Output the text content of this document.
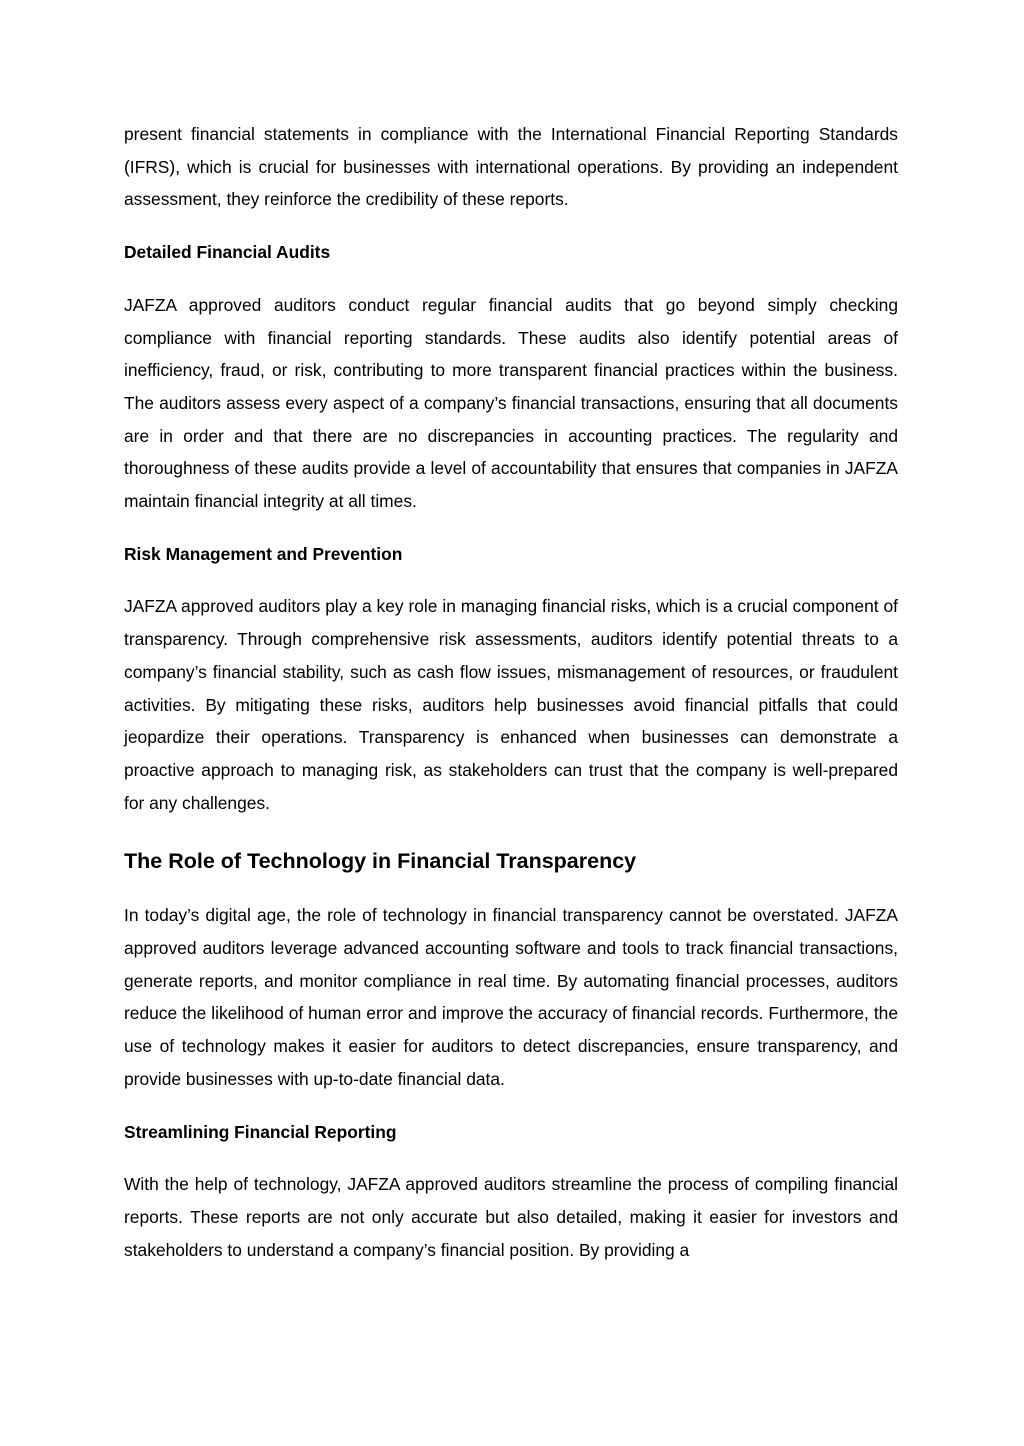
present financial statements in compliance with the International Financial Reporting Standards (IFRS), which is crucial for businesses with international operations. By providing an independent assessment, they reinforce the credibility of these reports.

Detailed Financial Audits

JAFZA approved auditors conduct regular financial audits that go beyond simply checking compliance with financial reporting standards. These audits also identify potential areas of inefficiency, fraud, or risk, contributing to more transparent financial practices within the business. The auditors assess every aspect of a company’s financial transactions, ensuring that all documents are in order and that there are no discrepancies in accounting practices. The regularity and thoroughness of these audits provide a level of accountability that ensures that companies in JAFZA maintain financial integrity at all times.

Risk Management and Prevention

JAFZA approved auditors play a key role in managing financial risks, which is a crucial component of transparency. Through comprehensive risk assessments, auditors identify potential threats to a company’s financial stability, such as cash flow issues, mismanagement of resources, or fraudulent activities. By mitigating these risks, auditors help businesses avoid financial pitfalls that could jeopardize their operations. Transparency is enhanced when businesses can demonstrate a proactive approach to managing risk, as stakeholders can trust that the company is well-prepared for any challenges.

The Role of Technology in Financial Transparency

In today’s digital age, the role of technology in financial transparency cannot be overstated. JAFZA approved auditors leverage advanced accounting software and tools to track financial transactions, generate reports, and monitor compliance in real time. By automating financial processes, auditors reduce the likelihood of human error and improve the accuracy of financial records. Furthermore, the use of technology makes it easier for auditors to detect discrepancies, ensure transparency, and provide businesses with up-to-date financial data.

Streamlining Financial Reporting

With the help of technology, JAFZA approved auditors streamline the process of compiling financial reports. These reports are not only accurate but also detailed, making it easier for investors and stakeholders to understand a company’s financial position. By providing a
